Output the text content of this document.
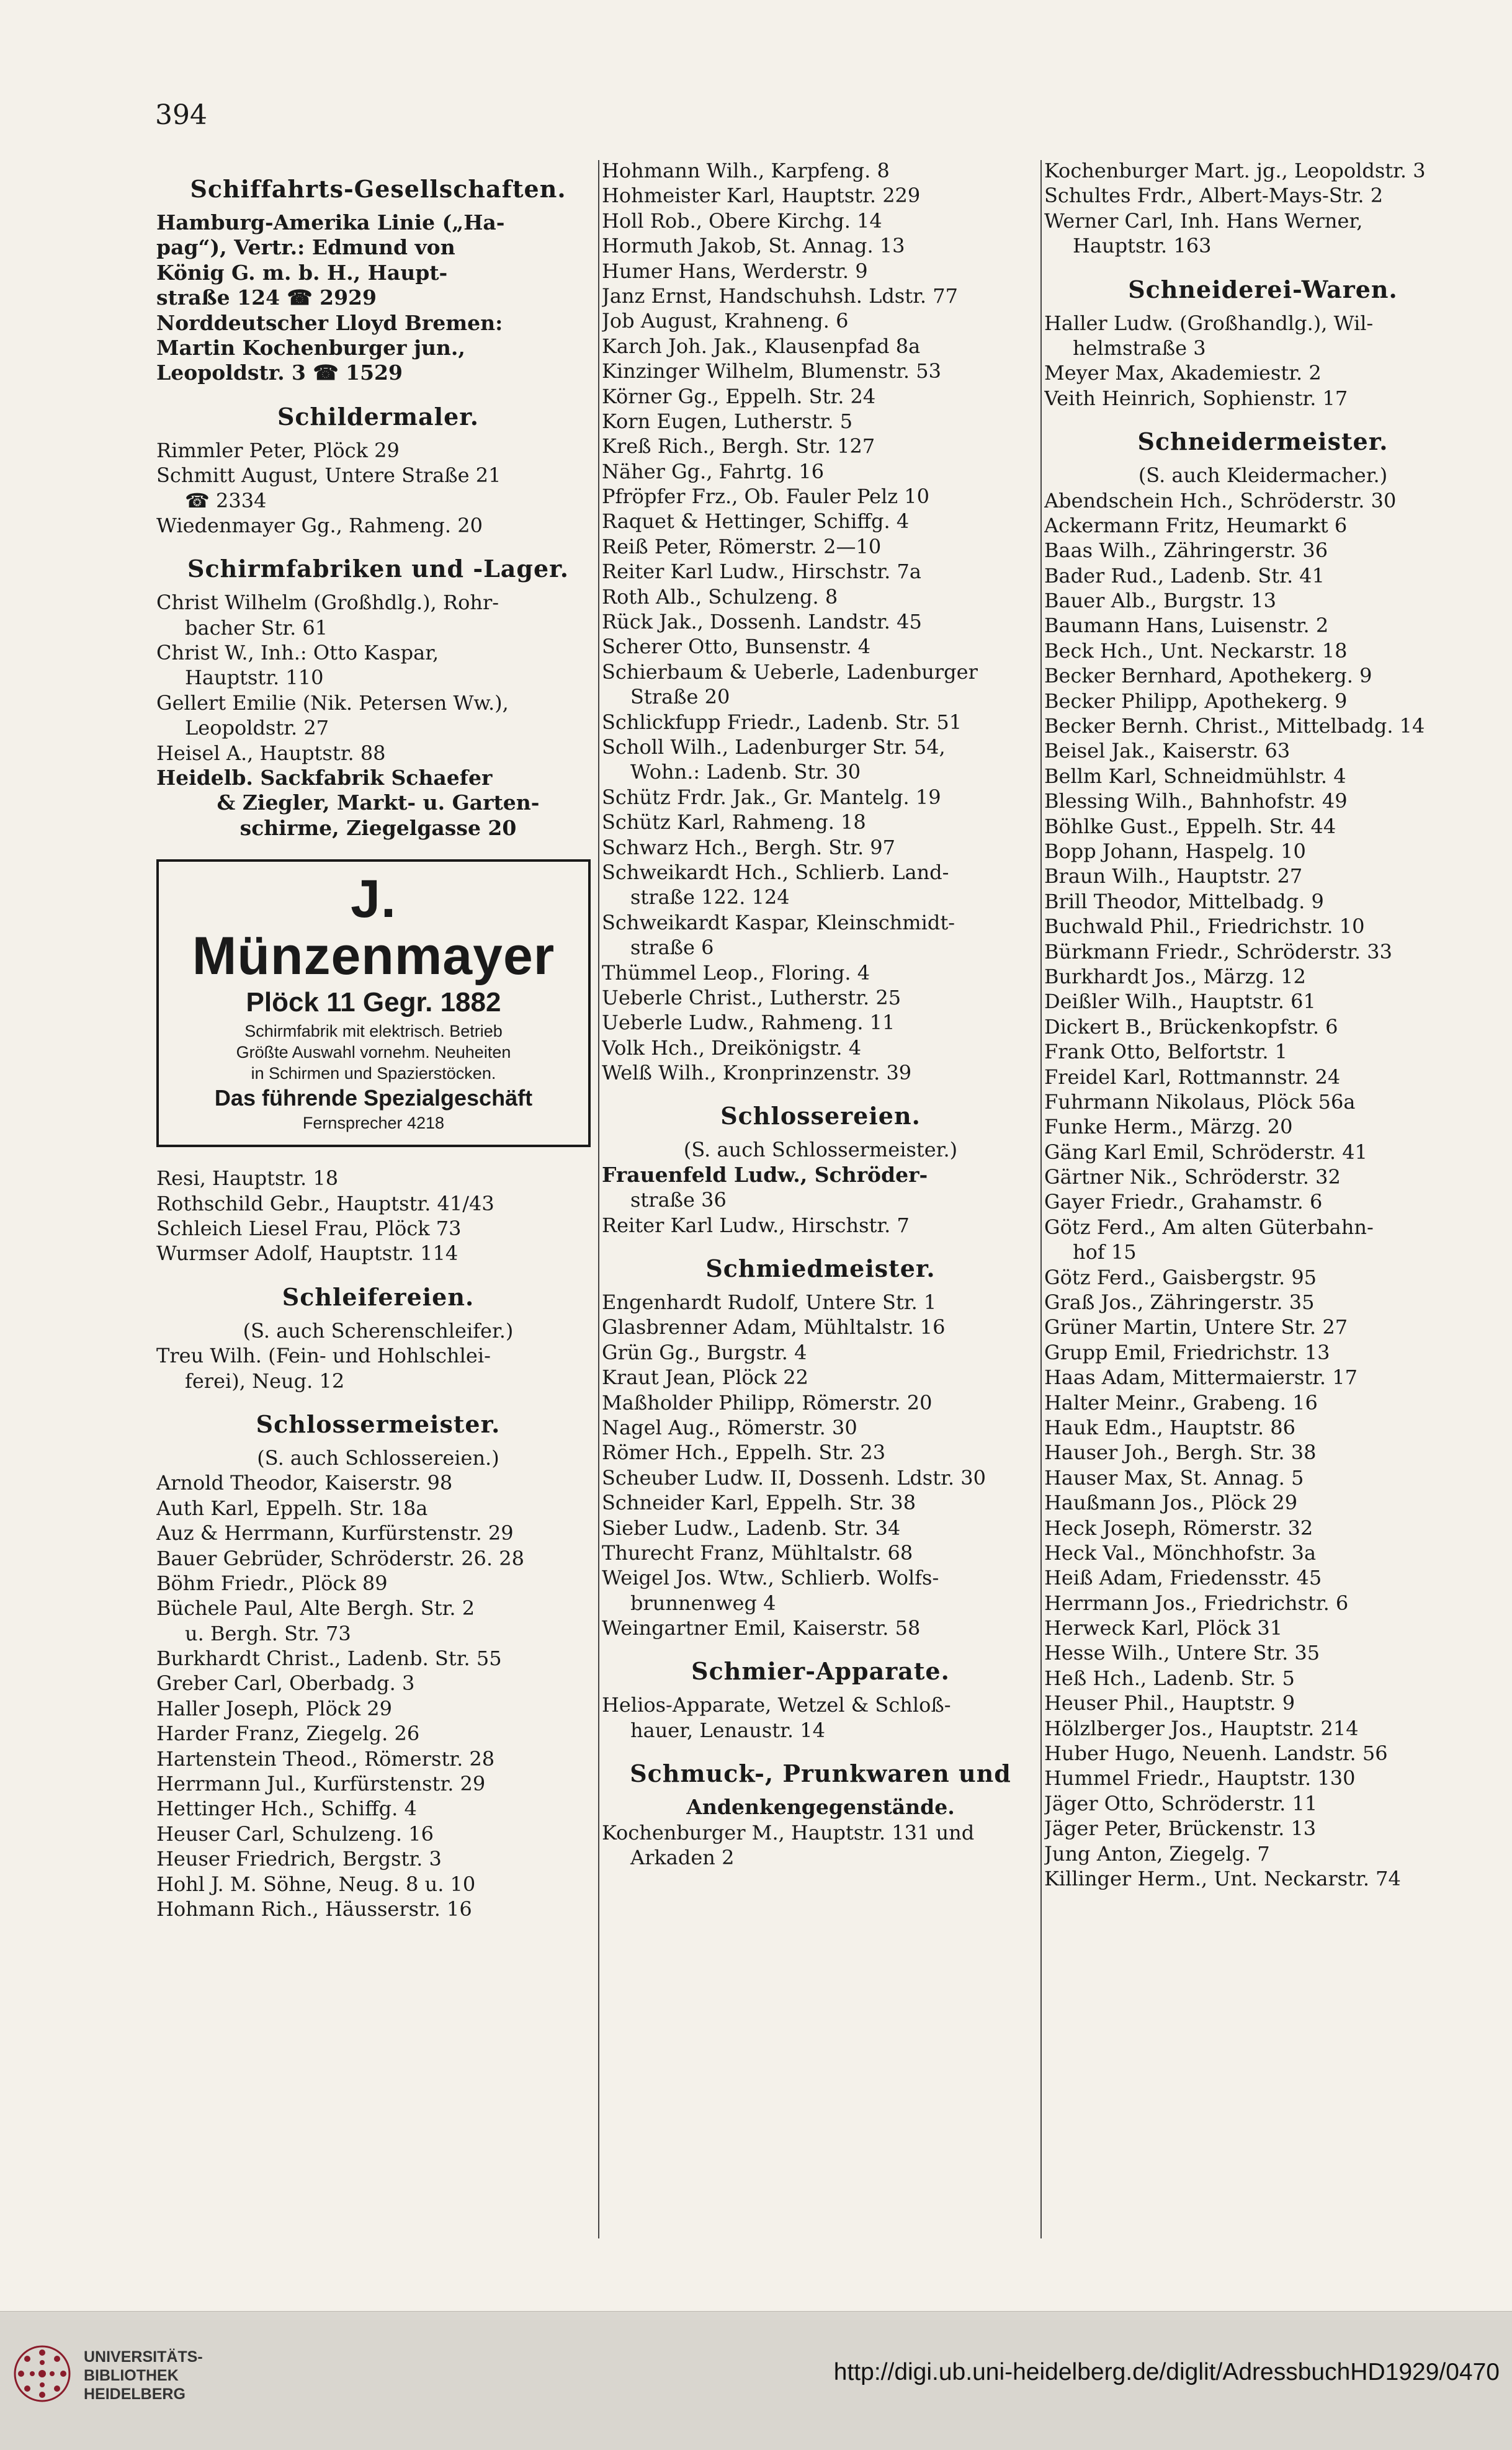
394
Schiffahrts-Gesellschaften.
Hamburg-Amerika Linie („Ha-
pag“), Vertr.: Edmund von
König G. m. b. H., Haupt-
straße 124 ☎ 2929
Norddeutscher Lloyd Bremen:
Martin Kochenburger jun.,
Leopoldstr. 3 ☎ 1529
Schildermaler.
Rimmler Peter, Plöck 29
Schmitt August, Untere Straße 21
☎ 2334
Wiedenmayer Gg., Rahmeng. 20
Schirmfabriken und -Lager.
Christ Wilhelm (Großhdlg.), Rohr-
bacher Str. 61
Christ W., Inh.: Otto Kaspar,
Hauptstr. 110
Gellert Emilie (Nik. Petersen Ww.),
Leopoldstr. 27
Heisel A., Hauptstr. 88
Heidelb. Sackfabrik Schaefer
& Ziegler, Markt- u. Garten-
schirme, Ziegelgasse 20
J. Münzenmayer
Plöck 11 Gegr. 1882
Schirmfabrik mit elektrisch. Betrieb
Größte Auswahl vornehm. Neuheiten
in Schirmen und Spazierstöcken.
Das führende Spezialgeschäft
Fernsprecher 4218
Resi, Hauptstr. 18
Rothschild Gebr., Hauptstr. 41/43
Schleich Liesel Frau, Plöck 73
Wurmser Adolf, Hauptstr. 114
Schleifereien.
(S. auch Scherenschleifer.)
Treu Wilh. (Fein- und Hohlschlei-
ferei), Neug. 12
Schlossermeister.
(S. auch Schlossereien.)
Arnold Theodor, Kaiserstr. 98
Auth Karl, Eppelh. Str. 18a
Auz & Herrmann, Kurfürstenstr. 29
Bauer Gebrüder, Schröderstr. 26. 28
Böhm Friedr., Plöck 89
Büchele Paul, Alte Bergh. Str. 2
u. Bergh. Str. 73
Burkhardt Christ., Ladenb. Str. 55
Greber Carl, Oberbadg. 3
Haller Joseph, Plöck 29
Harder Franz, Ziegelg. 26
Hartenstein Theod., Römerstr. 28
Herrmann Jul., Kurfürstenstr. 29
Hettinger Hch., Schiffg. 4
Heuser Carl, Schulzeng. 16
Heuser Friedrich, Bergstr. 3
Hohl J. M. Söhne, Neug. 8 u. 10
Hohmann Rich., Häusserstr. 16
Hohmann Wilh., Karpfeng. 8
Hohmeister Karl, Hauptstr. 229
Holl Rob., Obere Kirchg. 14
Hormuth Jakob, St. Annag. 13
Humer Hans, Werderstr. 9
Janz Ernst, Handschuhsh. Ldstr. 77
Job August, Krahneng. 6
Karch Joh. Jak., Klausenpfad 8a
Kinzinger Wilhelm, Blumenstr. 53
Körner Gg., Eppelh. Str. 24
Korn Eugen, Lutherstr. 5
Kreß Rich., Bergh. Str. 127
Näher Gg., Fahrtg. 16
Pfröpfer Frz., Ob. Fauler Pelz 10
Raquet & Hettinger, Schiffg. 4
Reiß Peter, Römerstr. 2—10
Reiter Karl Ludw., Hirschstr. 7a
Roth Alb., Schulzeng. 8
Rück Jak., Dossenh. Landstr. 45
Scherer Otto, Bunsenstr. 4
Schierbaum & Ueberle, Ladenburger
Straße 20
Schlickfupp Friedr., Ladenb. Str. 51
Scholl Wilh., Ladenburger Str. 54,
Wohn.: Ladenb. Str. 30
Schütz Frdr. Jak., Gr. Mantelg. 19
Schütz Karl, Rahmeng. 18
Schwarz Hch., Bergh. Str. 97
Schweikardt Hch., Schlierb. Land-
straße 122. 124
Schweikardt Kaspar, Kleinschmidt-
straße 6
Thümmel Leop., Floring. 4
Ueberle Christ., Lutherstr. 25
Ueberle Ludw., Rahmeng. 11
Volk Hch., Dreikönigstr. 4
Welß Wilh., Kronprinzenstr. 39
Schlossereien.
(S. auch Schlossermeister.)
Frauenfeld Ludw., Schröder-
straße 36
Reiter Karl Ludw., Hirschstr. 7
Schmiedmeister.
Engenhardt Rudolf, Untere Str. 1
Glasbrenner Adam, Mühltalstr. 16
Grün Gg., Burgstr. 4
Kraut Jean, Plöck 22
Maßholder Philipp, Römerstr. 20
Nagel Aug., Römerstr. 30
Römer Hch., Eppelh. Str. 23
Scheuber Ludw. II, Dossenh. Ldstr. 30
Schneider Karl, Eppelh. Str. 38
Sieber Ludw., Ladenb. Str. 34
Thurecht Franz, Mühltalstr. 68
Weigel Jos. Wtw., Schlierb. Wolfs-
brunnenweg 4
Weingartner Emil, Kaiserstr. 58
Schmier-Apparate.
Helios-Apparate, Wetzel & Schloß-
hauer, Lenaustr. 14
Schmuck-, Prunkwaren und
Andenkengegenstände.
Kochenburger M., Hauptstr. 131 und
Arkaden 2
Kochenburger Mart. jg., Leopoldstr. 3
Schultes Frdr., Albert-Mays-Str. 2
Werner Carl, Inh. Hans Werner,
Hauptstr. 163
Schneiderei-Waren.
Haller Ludw. (Großhandlg.), Wil-
helmstraße 3
Meyer Max, Akademiestr. 2
Veith Heinrich, Sophienstr. 17
Schneidermeister.
(S. auch Kleidermacher.)
Abendschein Hch., Schröderstr. 30
Ackermann Fritz, Heumarkt 6
Baas Wilh., Zähringerstr. 36
Bader Rud., Ladenb. Str. 41
Bauer Alb., Burgstr. 13
Baumann Hans, Luisenstr. 2
Beck Hch., Unt. Neckarstr. 18
Becker Bernhard, Apothekerg. 9
Becker Philipp, Apothekerg. 9
Becker Bernh. Christ., Mittelbadg. 14
Beisel Jak., Kaiserstr. 63
Bellm Karl, Schneidmühlstr. 4
Blessing Wilh., Bahnhofstr. 49
Böhlke Gust., Eppelh. Str. 44
Bopp Johann, Haspelg. 10
Braun Wilh., Hauptstr. 27
Brill Theodor, Mittelbadg. 9
Buchwald Phil., Friedrichstr. 10
Bürkmann Friedr., Schröderstr. 33
Burkhardt Jos., Märzg. 12
Deißler Wilh., Hauptstr. 61
Dickert B., Brückenkopfstr. 6
Frank Otto, Belfortstr. 1
Freidel Karl, Rottmannstr. 24
Fuhrmann Nikolaus, Plöck 56a
Funke Herm., Märzg. 20
Gäng Karl Emil, Schröderstr. 41
Gärtner Nik., Schröderstr. 32
Gayer Friedr., Grahamstr. 6
Götz Ferd., Am alten Güterbahn-
hof 15
Götz Ferd., Gaisbergstr. 95
Graß Jos., Zähringerstr. 35
Grüner Martin, Untere Str. 27
Grupp Emil, Friedrichstr. 13
Haas Adam, Mittermaierstr. 17
Halter Meinr., Grabeng. 16
Hauk Edm., Hauptstr. 86
Hauser Joh., Bergh. Str. 38
Hauser Max, St. Annag. 5
Haußmann Jos., Plöck 29
Heck Joseph, Römerstr. 32
Heck Val., Mönchhofstr. 3a
Heiß Adam, Friedensstr. 45
Herrmann Jos., Friedrichstr. 6
Herweck Karl, Plöck 31
Hesse Wilh., Untere Str. 35
Heß Hch., Ladenb. Str. 5
Heuser Phil., Hauptstr. 9
Hölzlberger Jos., Hauptstr. 214
Huber Hugo, Neuenh. Landstr. 56
Hummel Friedr., Hauptstr. 130
Jäger Otto, Schröderstr. 11
Jäger Peter, Brückenstr. 13
Jung Anton, Ziegelg. 7
Killinger Herm., Unt. Neckarstr. 74
UNIVERSITÄTS-
BIBLIOTHEK
HEIDELBERG
http://digi.ub.uni-heidelberg.de/diglit/AdressbuchHD1929/0470
